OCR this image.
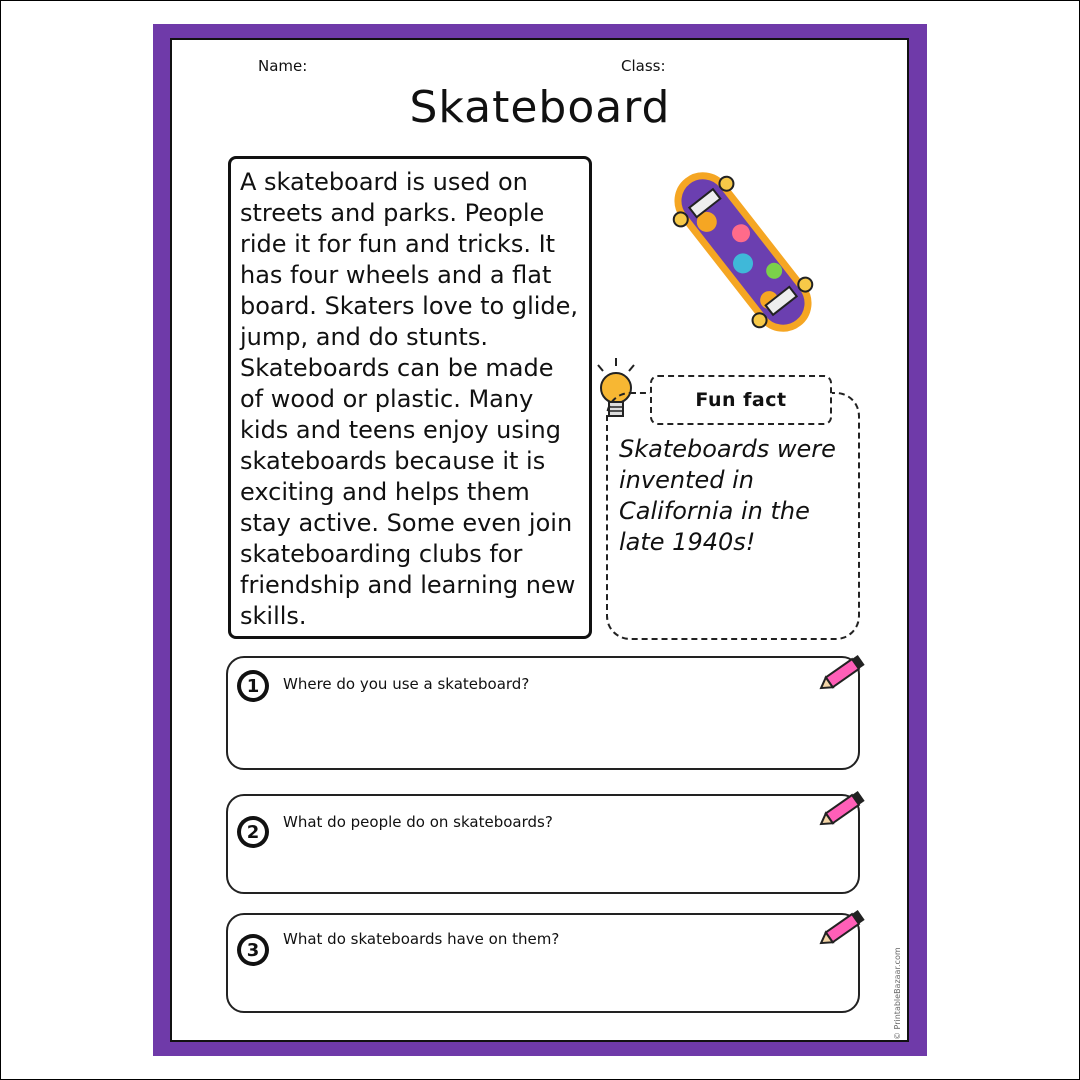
Name:	Class:
Skateboard

A skateboard is used on streets and parks. People ride it for fun and tricks. It has four wheels and a flat board. Skaters love to glide, jump, and do stunts. Skateboards can be made of wood or plastic. Many kids and teens enjoy using skateboards because it is exciting and helps them stay active. Some even join skateboarding clubs for friendship and learning new skills.

Fun fact

Skateboards were invented in California in the late 1940s!

1 Where do you use a skateboard?
2 What do people do on skateboards?
3
What do skateboards have on them?
© PrintableBazaar.com
